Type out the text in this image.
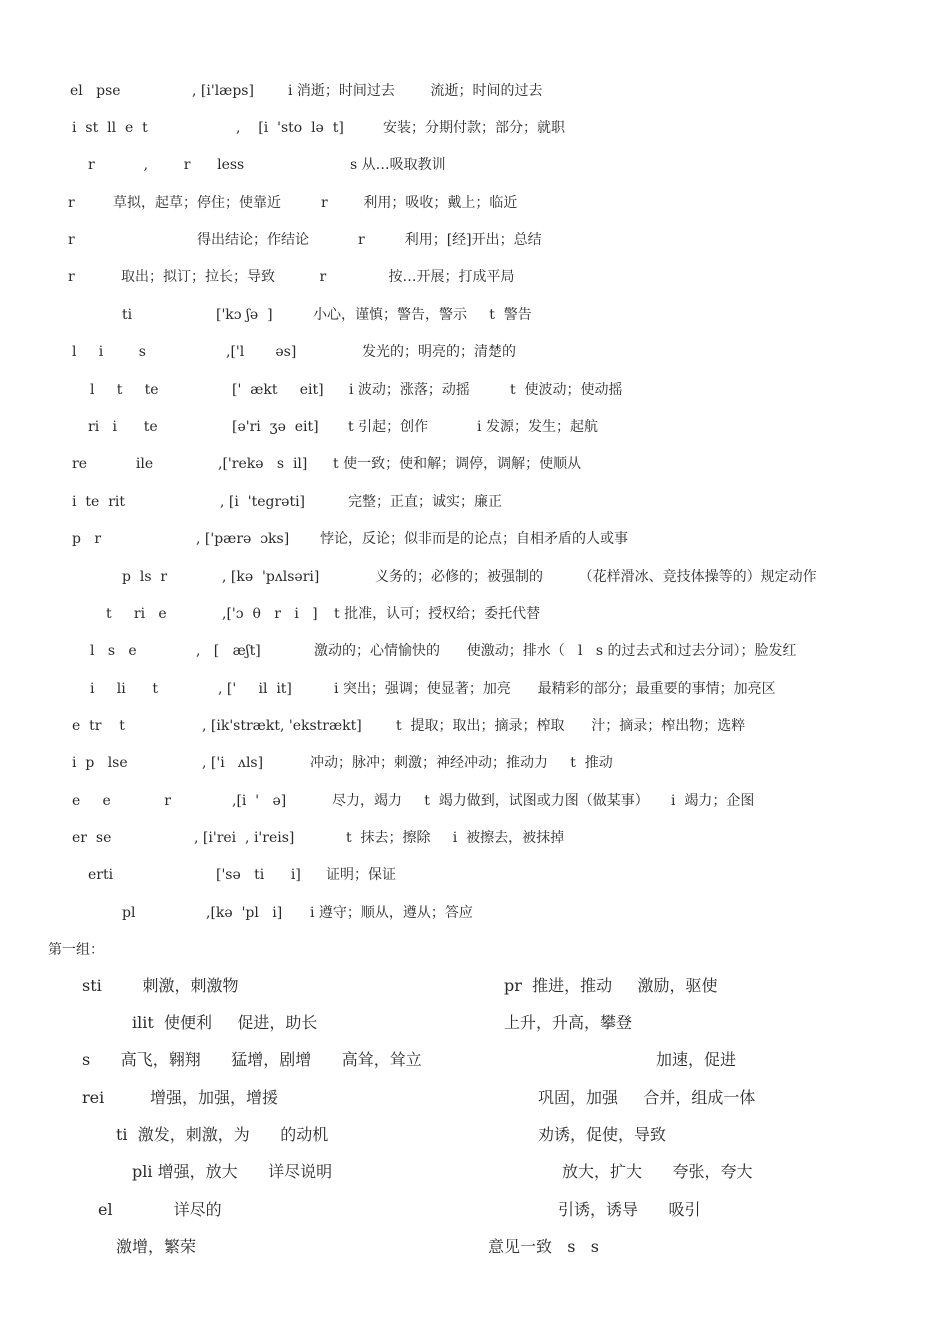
el   pse	, [i'læps] i 消逝；时间过去        流逝；时间的过去
i  st  ll  e  t	,    [i  'sto  lə  t]	安装；分期付款；部分；就职
r           ,        r      less	s 从…吸取教训
r	草拟，起草；停住；使靠近         r        利用；吸收；戴上；临近
r	得出结论；作结论           r         利用；[经]开出；总结
r	取出；拟订；拉长；导致          r              按…开展；打成平局
ti	['kɔ ʃə  ]	小心，谨慎；警告，警示     t  警告
l     i        s	,['l       əs]	发光的；明亮的；清楚的
l     t     te	['  ækt     eit] i 波动；涨落；动摇         t  使波动；使动摇
ri   i      te	[ə'ri  ʒə  eit] t 引起；创作           i 发源；发生；起航
re           ile	,['rekə   s  il] t 使一致；使和解；调停，调解；使顺从
i  te  rit	, [i  'tegrəti]	完整；正直；诚实；廉正
p   r	, ['pærə  ɔks] 悖论，反论；似非而是的论点；自相矛盾的人或事
p  ls  r	, [kə  'pʌlsəri]	义务的；必修的；被强制的        （花样滑冰、竞技体操等的）规定动作
t     ri   e	,['ɔ  θ   r   i   ] t 批准，认可；授权给；委托代替
l   s   e	,   [   æʃt]	激动的；心情愉快的      使激动；排水（   l   s 的过去式和过去分词）；脸发红
i     li      t	, ['     il  it]	i 突出；强调；使显著；加亮      最精彩的部分；最重要的事情；加亮区
e  tr    t	, [ik'strækt, 'ekstrækt] t  提取；取出；摘录；榨取      汁；摘录；榨出物；选粹
i  p   lse	, ['i   ʌls]	冲动；脉冲；刺激；神经冲动；推动力     t  推动
e     e            r	,[i  '   ə]	尽力，竭力     t  竭力做到，试图或力图（做某事）     i  竭力；企图
er  se	, [i'rei  , i'reis]	t  抹去；擦除     i  被擦去，被抹掉
erti	['sə   ti      i] 证明；保证
pl	,[kə  'pl   i] i 遵守；顺从，遵从；答应
第一组：
sti        刺激，刺激物	pr  推进，推动     激励，驱使
ilit  使便利     促进，助长	上升，升高，攀登
s      高飞，翱翔      猛增，剧增      高耸，耸立	加速，促进
rei         增强，加强，增援	巩固，加强     合并，组成一体
ti  激发，刺激，为      的动机	劝诱，促使，导致
pli 增强，放大      详尽说明	放大，扩大      夸张，夸大
el            详尽的	引诱，诱导      吸引
激增，繁荣	意见一致   s   s
